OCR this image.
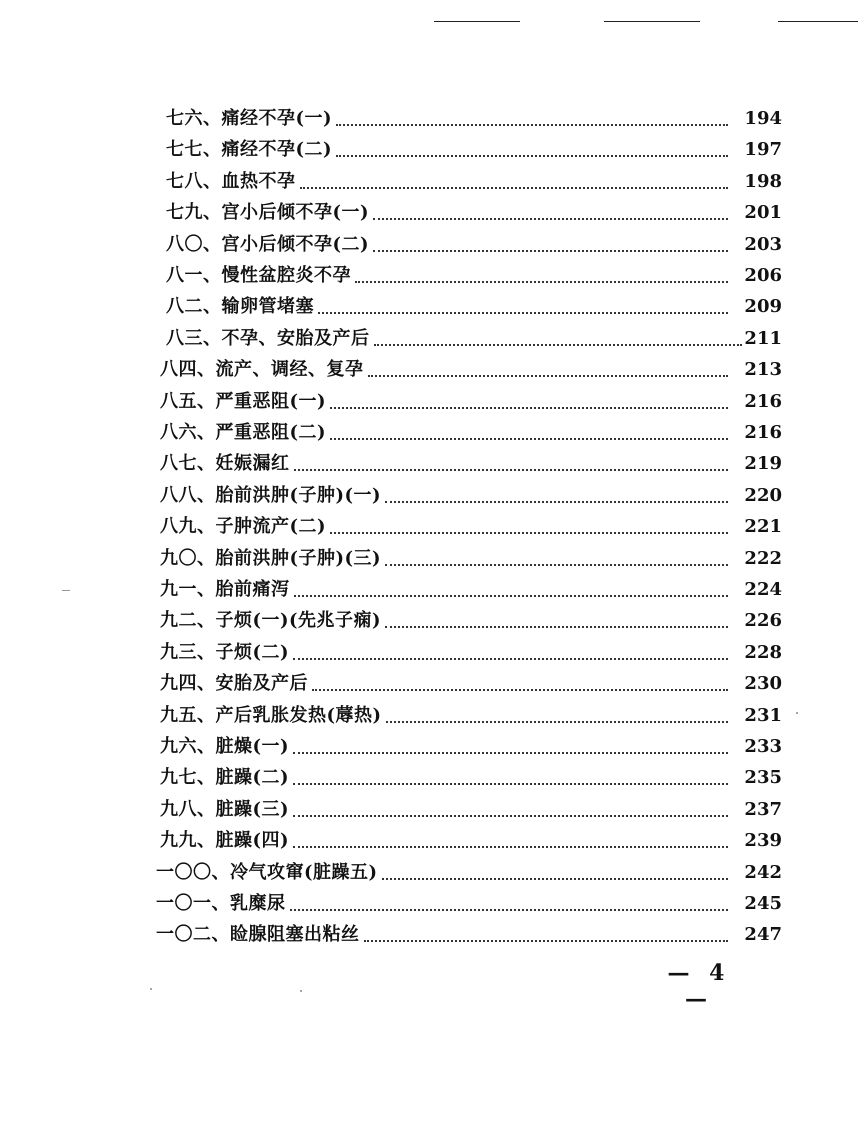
七六、痛经不孕(一)	194
七七、痛经不孕(二)	197
七八、血热不孕	198
七九、宫小后倾不孕(一)	201
八〇、宫小后倾不孕(二)	203
八一、慢性盆腔炎不孕	206
八二、输卵管堵塞	209
八三、不孕、安胎及产后	211
八四、流产、调经、复孕	213
八五、严重恶阻(一)	216
八六、严重恶阻(二)	216
八七、妊娠漏红	219
八八、胎前洪肿(子肿)(一)	220
八九、子肿流产(二)	221
九〇、胎前洪肿(子肿)(三)	222
九一、胎前痛泻	224
九二、子烦(一)(先兆子痫)	226
九三、子烦(二)	228
九四、安胎及产后	230
九五、产后乳胀发热(蓐热)	231
九六、脏燥(一)	233
九七、脏躁(二)	235
九八、脏躁(三)	237
九九、脏躁(四)	239
一〇〇、冷气攻窜(脏躁五)	242
一〇一、乳糜尿	245
一〇二、睑腺阻塞出粘丝	247
— 4 —
